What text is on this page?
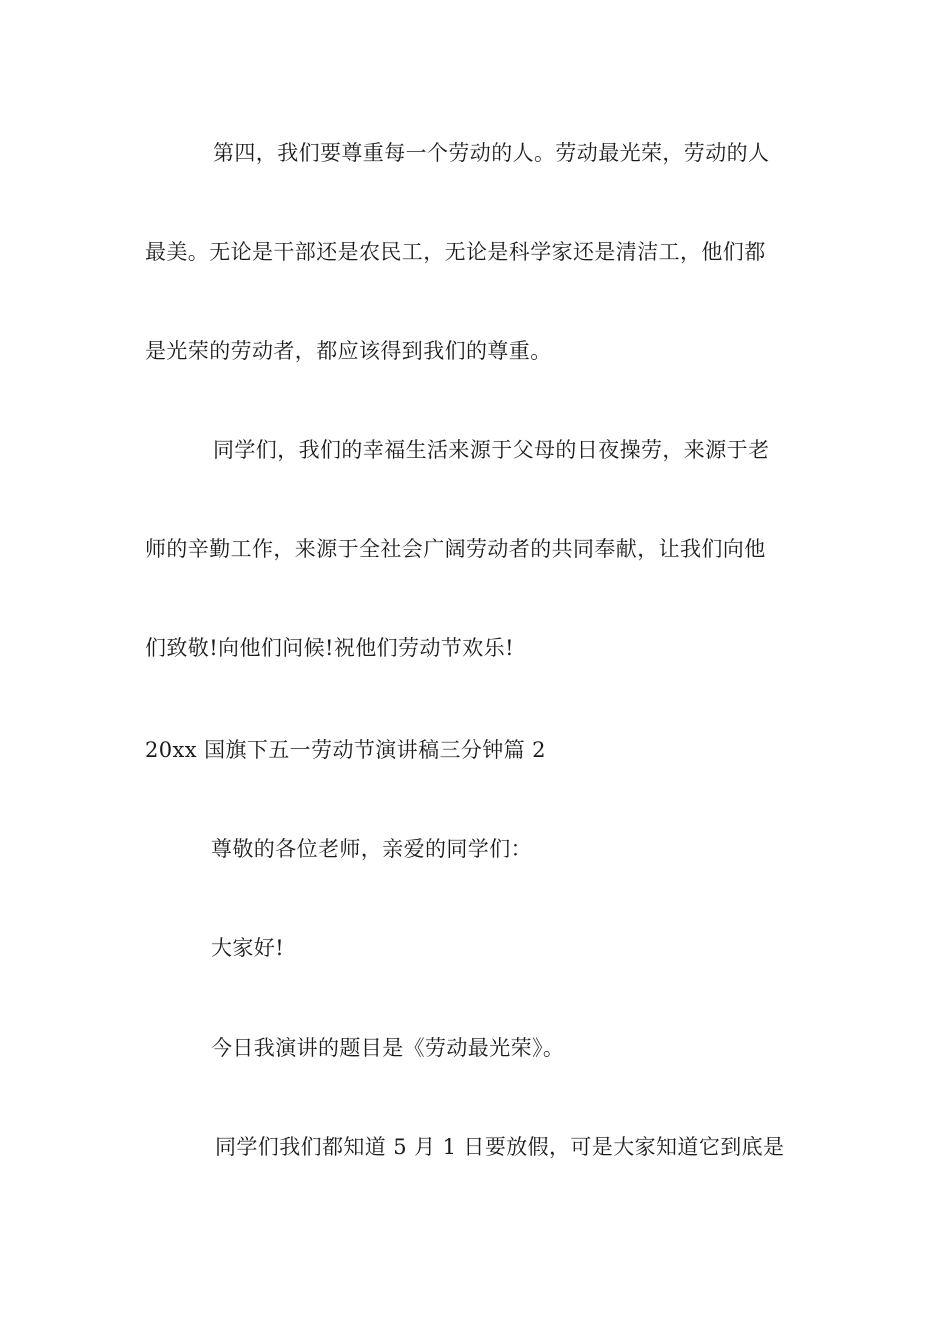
第四，我们要尊重每一个劳动的人。劳动最光荣，劳动的人
最美。无论是干部还是农民工，无论是科学家还是清洁工，他们都
是光荣的劳动者，都应该得到我们的尊重。
同学们，我们的幸福生活来源于父母的日夜操劳，来源于老
师的辛勤工作，来源于全社会广阔劳动者的共同奉献，让我们向他
们致敬!向他们问候!祝他们劳动节欢乐!
20xx 国旗下五一劳动节演讲稿三分钟篇 2
尊敬的各位老师，亲爱的同学们：
大家好!
今日我演讲的题目是《劳动最光荣》。
同学们我们都知道 5 月 1 日要放假，可是大家知道它到底是
